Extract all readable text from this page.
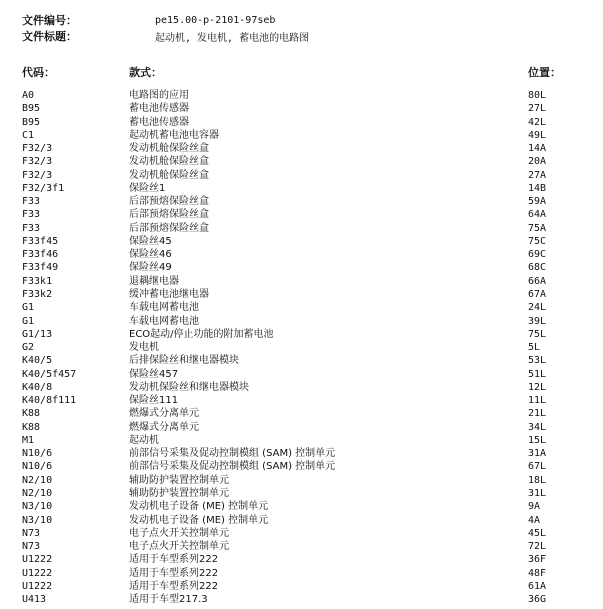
文件编号：	pe15.00-p-2101-97seb
文件标题：	起动机, 发电机, 蓄电池的电路图
代码：	款式：	位置：
A0	电路图的应用	80L
B95	蓄电池传感器	27L
B95	蓄电池传感器	42L
C1	起动机蓄电池电容器	49L
F32/3	发动机舱保险丝盒	14A
F32/3	发动机舱保险丝盒	20A
F32/3	发动机舱保险丝盒	27A
F32/3f1	保险丝1	14B
F33	后部预熔保险丝盒	59A
F33	后部预熔保险丝盒	64A
F33	后部预熔保险丝盒	75A
F33f45	保险丝45	75C
F33f46	保险丝46	69C
F33f49	保险丝49	68C
F33k1	退耦继电器	66A
F33k2	缓冲蓄电池继电器	67A
G1	车载电网蓄电池	24L
G1	车载电网蓄电池	39L
G1/13	ECO起动/停止功能的附加蓄电池	75L
G2	发电机	5L
K40/5	后排保险丝和继电器模块	53L
K40/5f457	保险丝457	51L
K40/8	发动机保险丝和继电器模块	12L
K40/8f111	保险丝111	11L
K88	燃爆式分离单元	21L
K88	燃爆式分离单元	34L
M1	起动机	15L
N10/6	前部信号采集及促动控制模组 (SAM) 控制单元	31A
N10/6	前部信号采集及促动控制模组 (SAM) 控制单元	67L
N2/10	辅助防护装置控制单元	18L
N2/10	辅助防护装置控制单元	31L
N3/10	发动机电子设备 (ME) 控制单元	9A
N3/10	发动机电子设备 (ME) 控制单元	4A
N73	电子点火开关控制单元	45L
N73	电子点火开关控制单元	72L
U1222	适用于车型系列222	36F
U1222	适用于车型系列222	48F
U1222	适用于车型系列222	61A
U413	适用于车型217.3	36G
